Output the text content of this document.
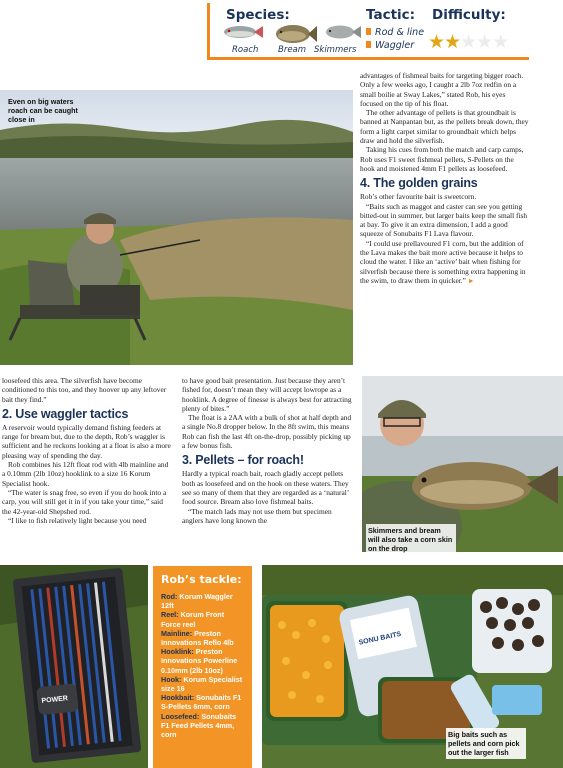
Species:	Tactic: Difficulty:
Roach Bream Skimmers
Rod & line
Waggler ★★★★★
Even on big waters roach can be caught close in

advantages of fishmeal baits for targeting bigger roach. Only a few weeks ago, I caught a 2lb 7oz redfin on a small boilie at Sway Lakes,” stated Rob, his eyes focused on the tip of his float.

The other advantage of pellets is that groundbait is banned at Nanpantan but, as the pellets break down, they form a light carpet similar to groundbait which helps draw and hold the silverfish.

Taking his cues from both the match and carp camps, Rob uses F1 sweet fishmeal pellets, S-Pellets on the hook and moistened 4mm F1 pellets as loosefeed.

4. The golden grains

Rob’s other favourite bait is sweetcorn.

“Baits such as maggot and caster can see you getting bitted-out in summer, but larger baits keep the small fish at bay. To give it an extra dimension, I add a good squeeze of Sonubaits F1 Lava flavour.

“I could use prellavoured F1 corn, but the addition of the Lava makes the bait more active because it helps to cloud the water. I like an ‘active’ bait when fishing for silverfish because there is something extra happening in the swim, to draw them in quicker.” ►

loosefeed this area. The silverfish have become conditioned to this too, and they hoover up any leftover bait they find.”

2. Use waggler tactics

A reservoir would typically demand fishing feeders at range for bream but, due to the depth, Rob’s waggler is sufficient and he reckons looking at a float is also a more pleasing way of spending the day.

Rob combines his 12ft float rod with 4lb mainline and a 0.10mm (2lb 10oz) hooklink to a size 16 Korum Specialist hook.

“The water is snag free, so even if you do hook into a carp, you will still get it in if you take your time,” said the 42-year-old Shepshed rod.

“I like to fish relatively light because you need

to have good bait presentation. Just because they aren’t fished for, doesn’t mean they will accept lowrope as a hooklink. A degree of finesse is always best for attracting plenty of bites.”

The float is a 2AA with a bulk of shot at half depth and a single No.8 dropper below. In the 8ft swim, this means Rob can fish the last 4ft on-the-drop, possibly picking up a few bonus fish.

3. Pellets – for roach!

Hardly a typical roach bait, roach gladly accept pellets both as loosefeed and on the hook on these waters. They see so many of them that they are regarded as a ‘natural’ food source. Bream also love fishmeal baits.

“The match lads may not use them but specimen anglers have long known the

Skimmers and bream will also take a corn skin on the drop
POWER
Rob’s tackle:
Rod: Korum Waggler 12ft
Reel: Korum Front Force reel
Mainline: Preston Innovations Reflo 4lb
Hooklink: Preston Innovations Powerline 0.10mm (2lb 10oz)
Hook: Korum Specialist size 16
Hookbait: Sonubaits F1 S-Pellets 6mm, corn
Loosefeed: Sonubaits F1 Feed Pellets 4mm, corn
SONU BAITS
Big baits such as pellets and corn pick out the larger fish
